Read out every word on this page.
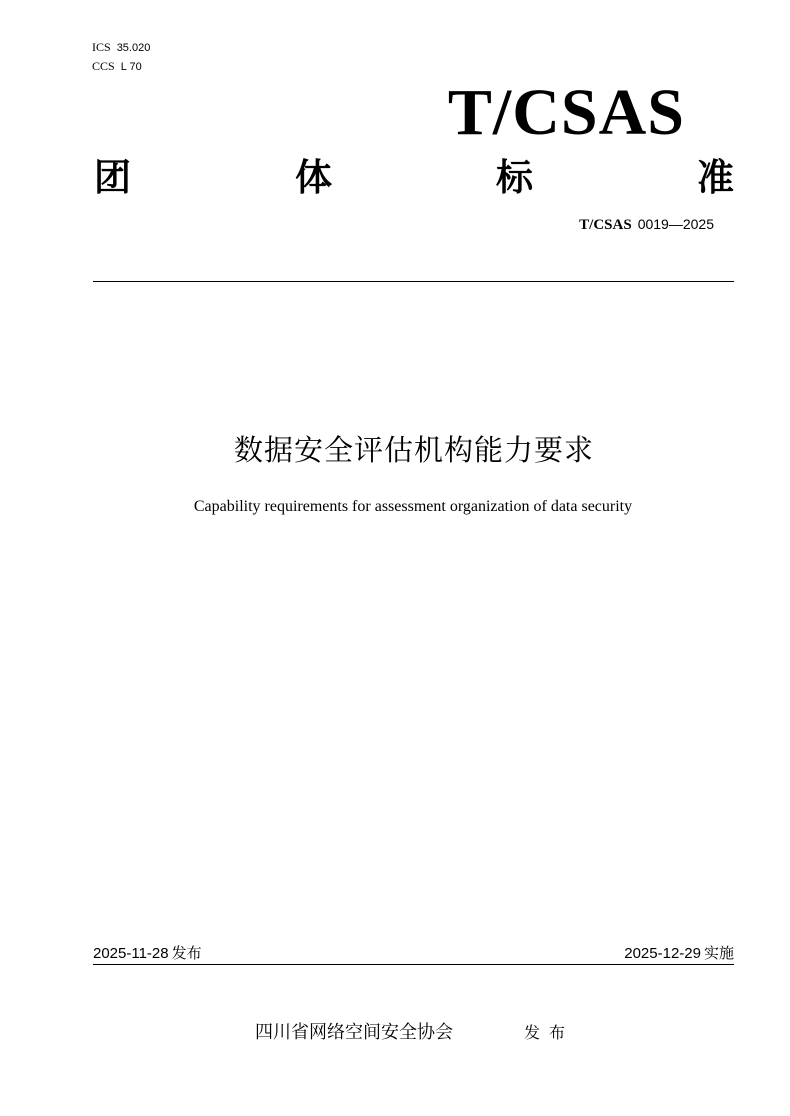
ICS 35.020
CCS L 70
T/CSAS
团	体	标	准
T/CSAS 0019—2025
数据安全评估机构能力要求
Capability requirements for assessment organization of data security
2025-11-28 发布	2025-12-29 实施
四川省网络空间安全协会	发布
